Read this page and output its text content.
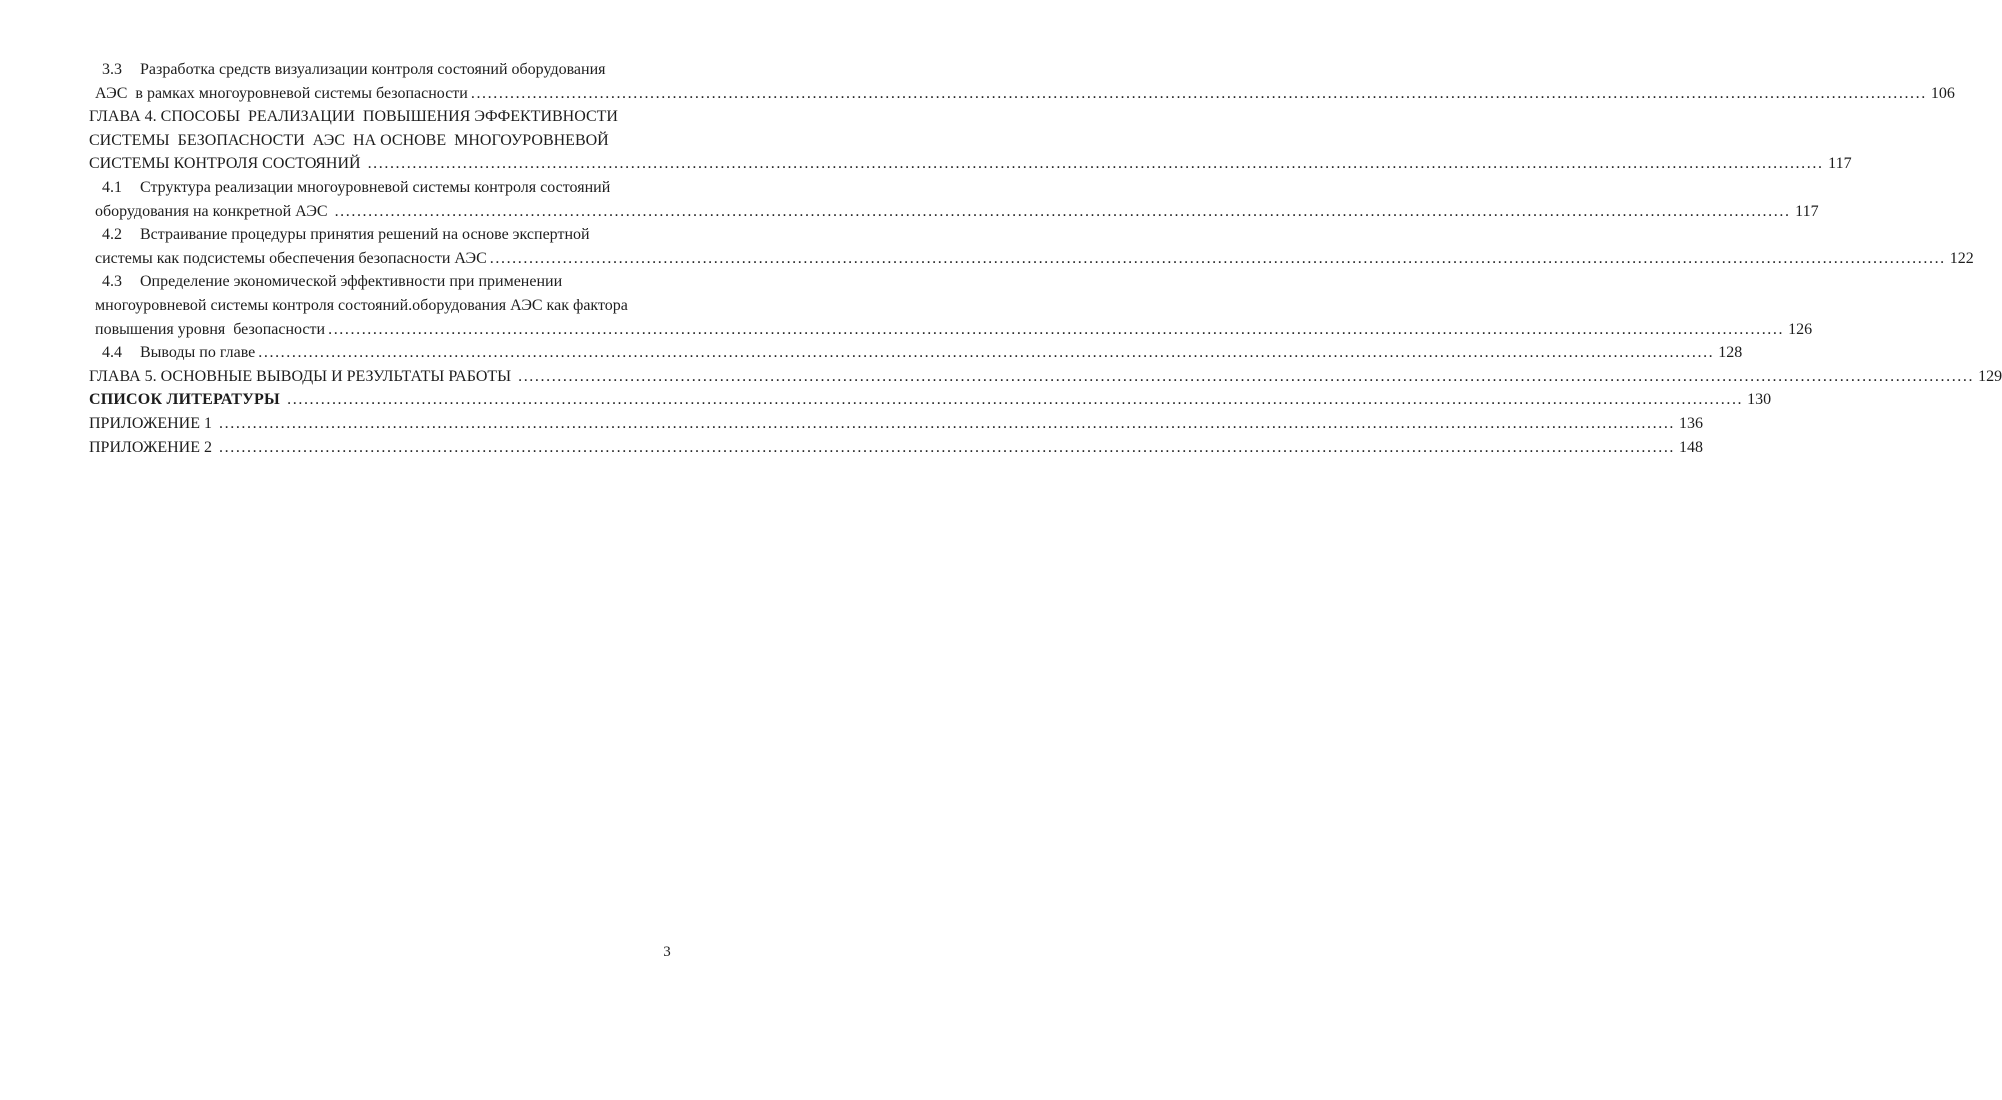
3.3	Разработка средств визуализации контроля состояний оборудования
АЭС  в рамках многоуровневой системы безопасности .................................................................................................................................................................................................................................................................... 106
ГЛАВА 4. СПОСОБЫ  РЕАЛИЗАЦИИ  ПОВЫШЕНИЯ ЭФФЕКТИВНОСТИ
СИСТЕМЫ  БЕЗОПАСНОСТИ  АЭС  НА ОСНОВЕ  МНОГОУРОВНЕВОЙ
СИСТЕМЫ КОНТРОЛЯ СОСТОЯНИЙ .................................................................................................................................................................................................................................................................... 117
4.1	Структура реализации многоуровневой системы контроля состояний
оборудования на конкретной АЭС .................................................................................................................................................................................................................................................................... 117
4.2	Встраивание процедуры принятия решений на основе экспертной
системы как подсистемы обеспечения безопасности АЭС .................................................................................................................................................................................................................................................................... 122
4.3	Определение экономической эффективности при применении
многоуровневой системы контроля состояний.оборудования АЭС как фактора
повышения уровня  безопасности .................................................................................................................................................................................................................................................................... 126
4.4	Выводы по главе .................................................................................................................................................................................................................................................................... 128
ГЛАВА 5. ОСНОВНЫЕ ВЫВОДЫ И РЕЗУЛЬТАТЫ РАБОТЫ .................................................................................................................................................................................................................................................................... 129
СПИСОК ЛИТЕРАТУРЫ .................................................................................................................................................................................................................................................................... 130
ПРИЛОЖЕНИЕ 1 .................................................................................................................................................................................................................................................................... 136
ПРИЛОЖЕНИЕ 2 .................................................................................................................................................................................................................................................................... 148
3
